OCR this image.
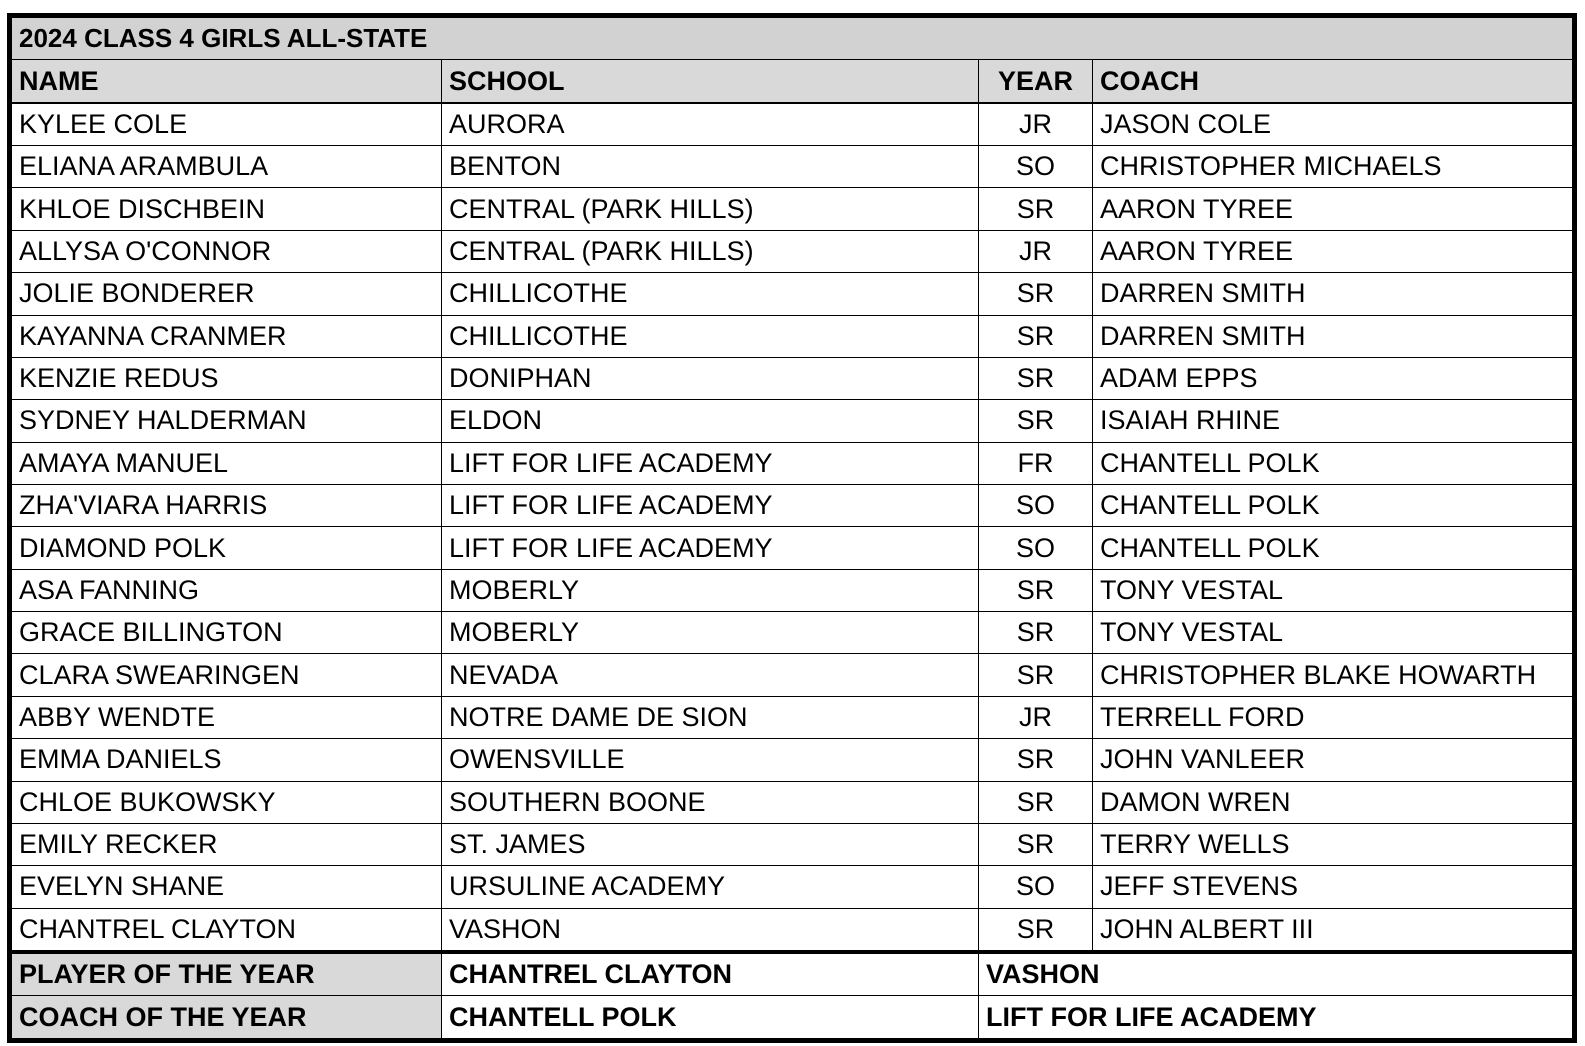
2024 CLASS 4 GIRLS ALL-STATE			
NAME	SCHOOL	YEAR	COACH
KYLEE COLE	AURORA	JR	JASON COLE
ELIANA ARAMBULA	BENTON	SO	CHRISTOPHER MICHAELS
KHLOE DISCHBEIN	CENTRAL (PARK HILLS)	SR	AARON TYREE
ALLYSA O'CONNOR	CENTRAL (PARK HILLS)	JR	AARON TYREE
JOLIE BONDERER	CHILLICOTHE	SR	DARREN SMITH
KAYANNA CRANMER	CHILLICOTHE	SR	DARREN SMITH
KENZIE REDUS	DONIPHAN	SR	ADAM EPPS
SYDNEY HALDERMAN	ELDON	SR	ISAIAH RHINE
AMAYA MANUEL	LIFT FOR LIFE ACADEMY	FR	CHANTELL POLK
ZHA'VIARA HARRIS	LIFT FOR LIFE ACADEMY	SO	CHANTELL POLK
DIAMOND POLK	LIFT FOR LIFE ACADEMY	SO	CHANTELL POLK
ASA FANNING	MOBERLY	SR	TONY VESTAL
GRACE BILLINGTON	MOBERLY	SR	TONY VESTAL
CLARA SWEARINGEN	NEVADA	SR	CHRISTOPHER BLAKE HOWARTH
ABBY WENDTE	NOTRE DAME DE SION	JR	TERRELL FORD
EMMA DANIELS	OWENSVILLE	SR	JOHN VANLEER
CHLOE BUKOWSKY	SOUTHERN BOONE	SR	DAMON WREN
EMILY RECKER	ST. JAMES	SR	TERRY WELLS
EVELYN SHANE	URSULINE ACADEMY	SO	JEFF STEVENS
CHANTREL CLAYTON	VASHON	SR	JOHN ALBERT III
PLAYER OF THE YEAR	CHANTREL CLAYTON	VASHON	
COACH OF THE YEAR	CHANTELL POLK	LIFT FOR LIFE ACADEMY	
